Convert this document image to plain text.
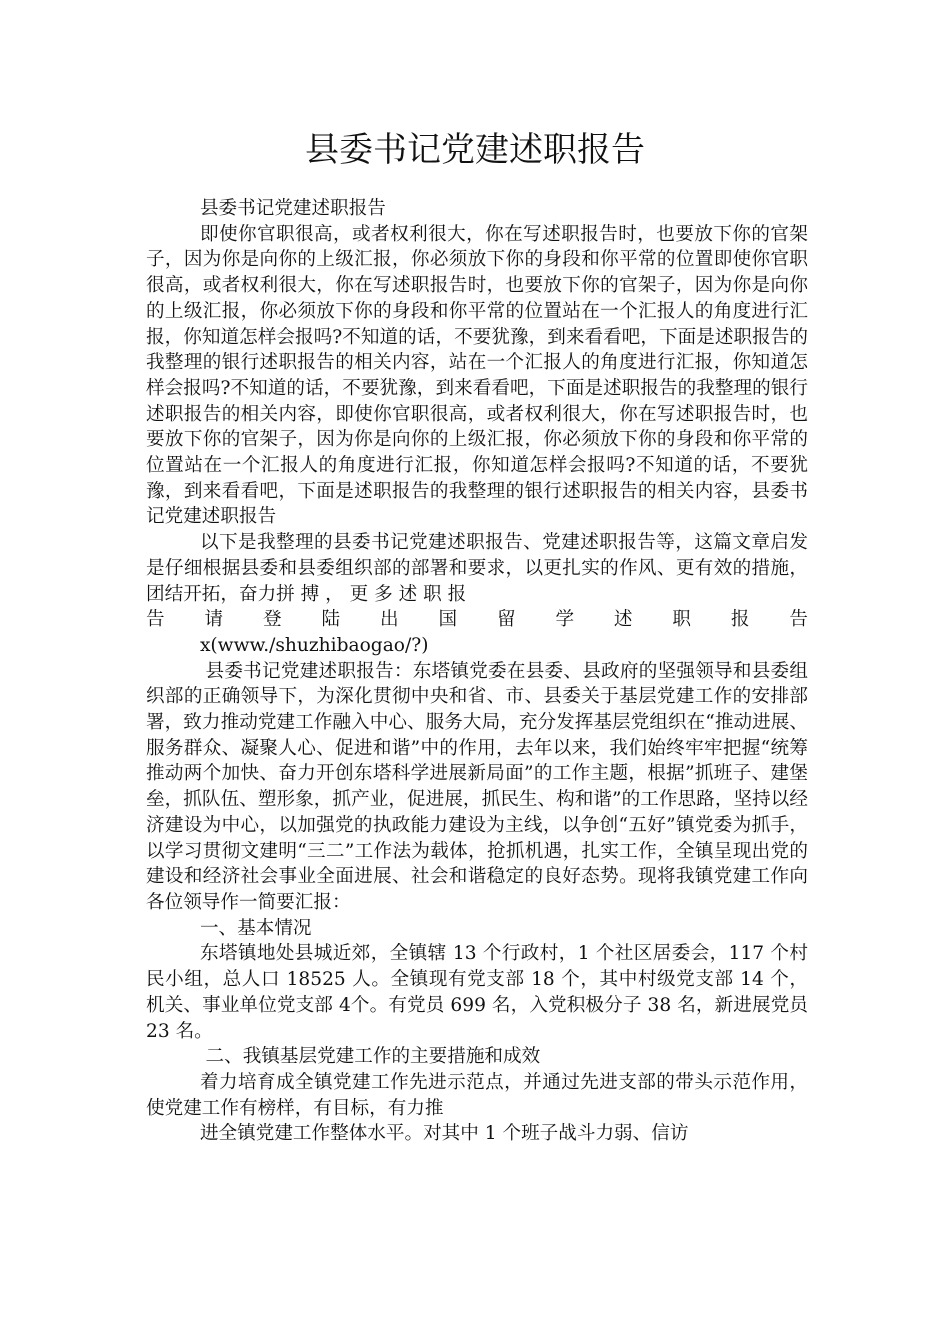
县委书记党建述职报告

县委书记党建述职报告

即使你官职很高，或者权利很大，你在写述职报告时，也要放下你的官架子，因为你是向你的上级汇报，你必须放下你的身段和你平常的位置即使你官职很高，或者权利很大，你在写述职报告时，也要放下你的官架子，因为你是向你的上级汇报，你必须放下你的身段和你平常的位置站在一个汇报人的角度进行汇报，你知道怎样会报吗?不知道的话，不要犹豫，到来看看吧，下面是述职报告的我整理的银行述职报告的相关内容，站在一个汇报人的角度进行汇报，你知道怎样会报吗?不知道的话，不要犹豫，到来看看吧，下面是述职报告的我整理的银行述职报告的相关内容，即使你官职很高，或者权利很大，你在写述职报告时，也要放下你的官架子，因为你是向你的上级汇报，你必须放下你的身段和你平常的位置站在一个汇报人的角度进行汇报，你知道怎样会报吗?不知道的话，不要犹豫，到来看看吧，下面是述职报告的我整理的银行述职报告的相关内容，县委书记党建述职报告

以下是我整理的县委书记党建述职报告、党建述职报告等，这篇文章启发是仔细根据县委和县委组织部的部署和要求，以更扎实的作风、更有效的措施，团结开拓，奋力拼 搏 ， 更 多 述 职 报

告 请 登 陆 出 国 留 学 述 职 报 告

x(www./shuzhibaogao/?)

县委书记党建述职报告：东塔镇党委在县委、县政府的坚强领导和县委组织部的正确领导下，为深化贯彻中央和省、市、县委关于基层党建工作的安排部署，致力推动党建工作融入中心、服务大局，充分发挥基层党组织在“推动进展、服务群众、凝聚人心、促进和谐”中的作用，去年以来，我们始终牢牢把握“统筹推动两个加快、奋力开创东塔科学进展新局面”的工作主题，根据”抓班子、建堡垒，抓队伍、塑形象，抓产业，促进展，抓民生、构和谐”的工作思路，坚持以经济建设为中心，以加强党的执政能力建设为主线，以争创“五好”镇党委为抓手，以学习贯彻文建明“三二”工作法为载体，抢抓机遇，扎实工作，全镇呈现出党的建设和经济社会事业全面进展、社会和谐稳定的良好态势。现将我镇党建工作向各位领导作一简要汇报：

一、基本情况

东塔镇地处县城近郊，全镇辖 13 个行政村，1 个社区居委会，117 个村民小组，总人口 18525 人。全镇现有党支部 18 个，其中村级党支部 14 个，机关、事业单位党支部 4个。有党员 699 名，入党积极分子 38 名，新进展党员 23 名。

二、我镇基层党建工作的主要措施和成效

着力培育成全镇党建工作先进示范点，并通过先进支部的带头示范作用，使党建工作有榜样，有目标，有力推

进全镇党建工作整体水平。对其中 1 个班子战斗力弱、信访
